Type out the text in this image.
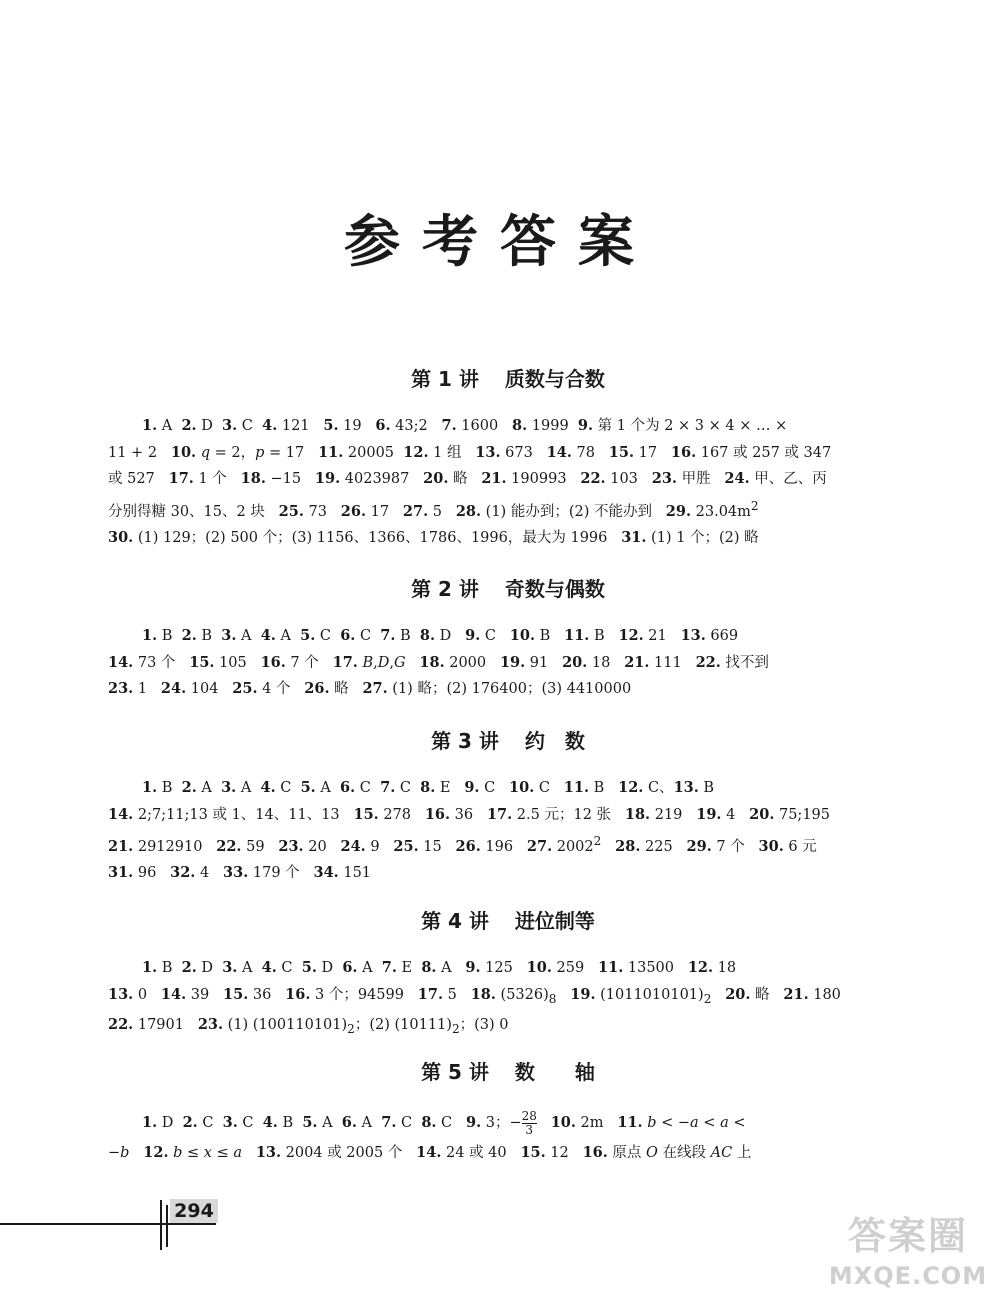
参考答案
第 1 讲 质数与合数
1. A  2. D  3. C  4. 121   5. 19   6. 43;2   7. 1600   8. 1999  9. 第 1 个为 2 × 3 × 4 × … ×
11 + 2   10. q = 2，p = 17   11. 20005  12. 1 组   13. 673   14. 78   15. 17   16. 167 或 257 或 347
或 527   17. 1 个   18. −15   19. 4023987   20. 略   21. 190993   22. 103   23. 甲胜   24. 甲、乙、丙
分别得糖 30、15、2 块   25. 73   26. 17   27. 5   28. (1) 能办到；(2) 不能办到   29. $23.04m^2$
30. (1) 129；(2) 500 个；(3) 1156、1366、1786、1996，最大为 1996   31. (1) 1 个；(2) 略
第 2 讲 奇数与偶数
1. B  2. B  3. A  4. A  5. C  6. C  7. B  8. D   9. C   10. B   11. B   12. 21   13. 669
14. 73 个   15. 105   16. 7 个   17. B,D,G 18. 2000   19. 91   20. 18   21. 111   22. 找不到
23. 1   24. 104   25. 4 个   26. 略   27. (1) 略；(2) 176400；(3) 4410000
第 3 讲 约　数
1. B  2. A  3. A  4. C  5. A  6. C  7. C  8. E   9. C   10. C   11. B   12. C、13. B
14. 2;7;11;13 或 1、14、11、13   15. 278   16. 36   17. 2.5 元；12 张   18. 219   19. 4   20. 75;195
21. 2912910   22. 59   23. 20   24. 9   25. 15   26. 196   27. 2002$^2$ 28. 225   29. 7 个   30. 6 元
31. 96   32. 4   33. 179 个   34. 151
第 4 讲 进位制等
1. B  2. D  3. A  4. C  5. D  6. A  7. E  8. A   9. 125   10. 259   11. 13500   12. 18
13. 0   14. 39   15. 36   16. 3 个；94599   17. 5   18. $(5326)_8$ 19. $(1011010101)_2$ 20. 略   21. 180
22. 17901   23. (1) $(100110101)_2$；(2) $(10111)_2$；(3) 0
第 5 讲 数　　轴
1. D  2. C  3. C  4. B  5. A  6. A  7. C  8. C   9. 3；− $\frac{28}{3} 10$. 2m   11. b < −a < a <
−b 12. b ≤ x ≤ a 13. 2004 或 2005 个   14. 24 或 40   15. 12   16. 原点 O 在线段 AC 上
294
答案圈
MXQE.COM
